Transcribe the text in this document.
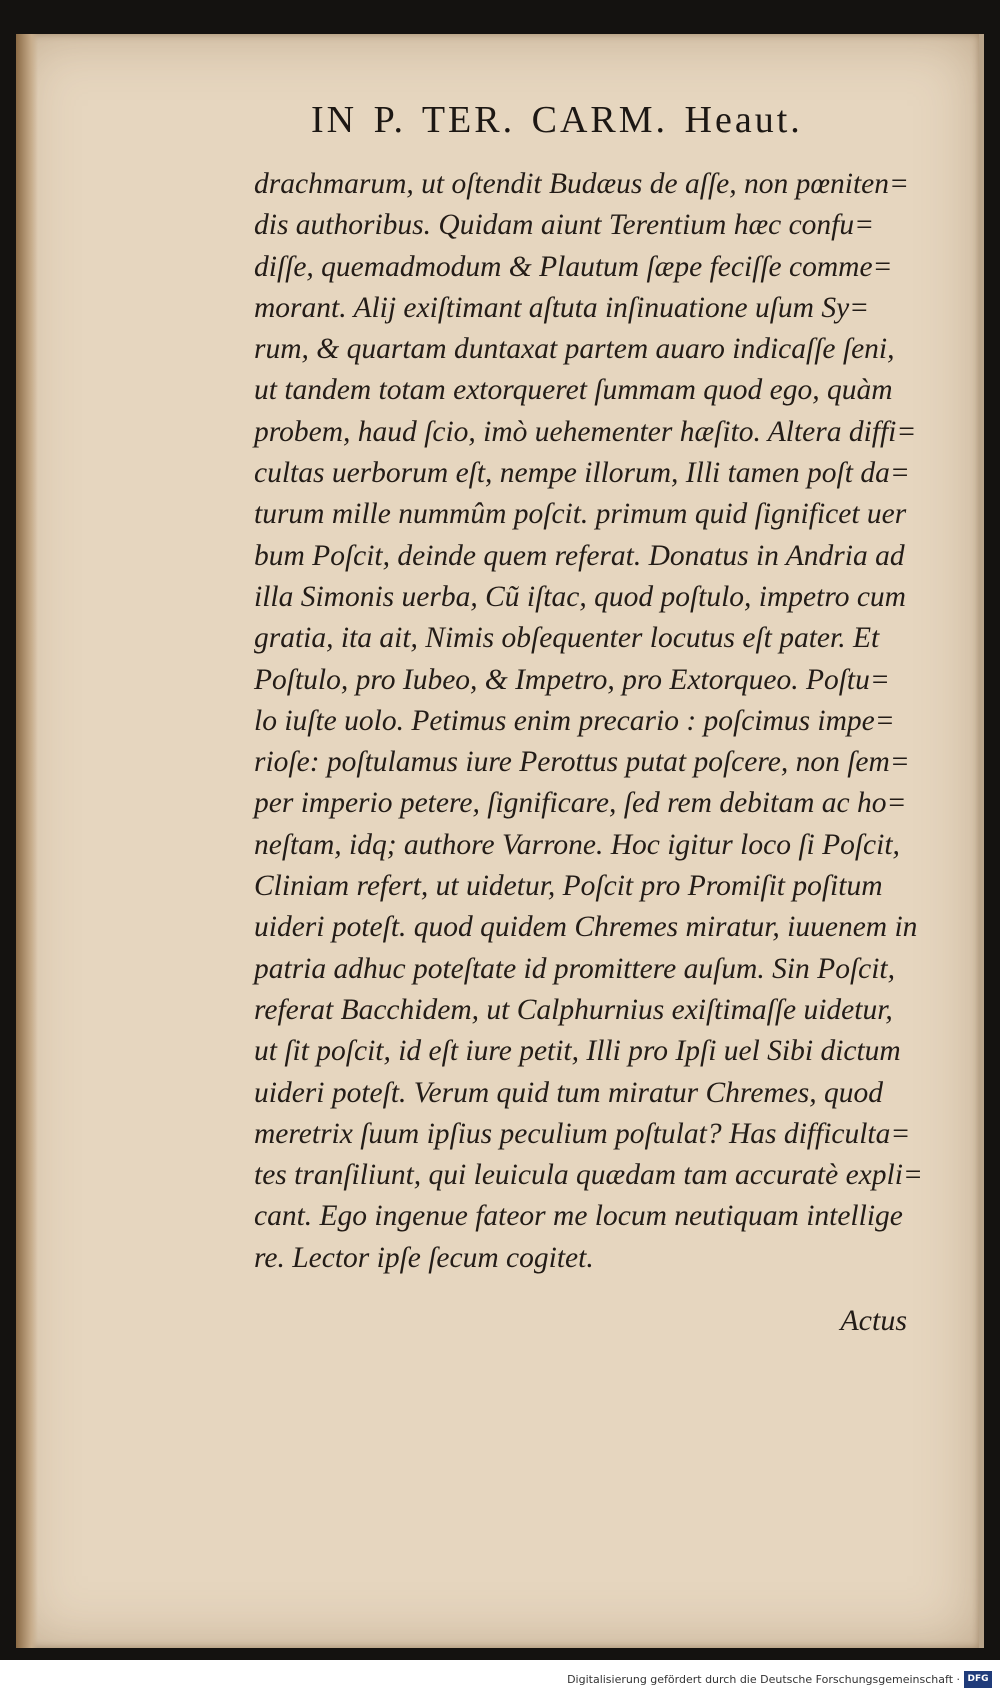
IN P. TER. CARM. Heaut.
drachmarum, ut oſtendit Budæus de aſſe, non pœniten=
dis authoribus. Quidam aiunt Terentium hæc confu=
diſſe, quemadmodum & Plautum ſæpe feciſſe comme=
morant. Alij exiſtimant aſtuta inſinuatione uſum Sy=
rum, & quartam duntaxat partem auaro indicaſſe ſeni,
ut tandem totam extorqueret ſummam quod ego, quàm
probem, haud ſcio, imò uehementer hæſito. Altera diffi=
cultas uerborum eſt, nempe illorum, Illi tamen poſt da=
turum mille nummûm poſcit. primum quid ſignificet uer
bum Poſcit, deinde quem referat. Donatus in Andria ad
illa Simonis uerba, Cũ iſtac, quod poſtulo, impetro cum
gratia, ita ait, Nimis obſequenter locutus eſt pater. Et
Poſtulo, pro Iubeo, & Impetro, pro Extorqueo. Poſtu=
lo iuſte uolo. Petimus enim precario : poſcimus impe=
rioſe: poſtulamus iure Perottus putat poſcere, non ſem=
per imperio petere, ſignificare, ſed rem debitam ac ho=
neſtam, idq; authore Varrone. Hoc igitur loco ſi Poſcit,
Cliniam refert, ut uidetur, Poſcit pro Promiſit poſitum
uideri poteſt. quod quidem Chremes miratur, iuuenem in
patria adhuc poteſtate id promittere auſum. Sin Poſcit,
referat Bacchidem, ut Calphurnius exiſtimaſſe uidetur,
ut ſit poſcit, id eſt iure petit, Illi pro Ipſi uel Sibi dictum
uideri poteſt. Verum quid tum miratur Chremes, quod
meretrix ſuum ipſius peculium poſtulat? Has difficulta=
tes tranſiliunt, qui leuicula quædam tam accuratè expli=
cant. Ego ingenue fateor me locum neutiquam intellige
re. Lector ipſe ſecum cogitet.
Actus
Digitalisierung gefördert durch die Deutsche Forschungsgemeinschaft · DFG
